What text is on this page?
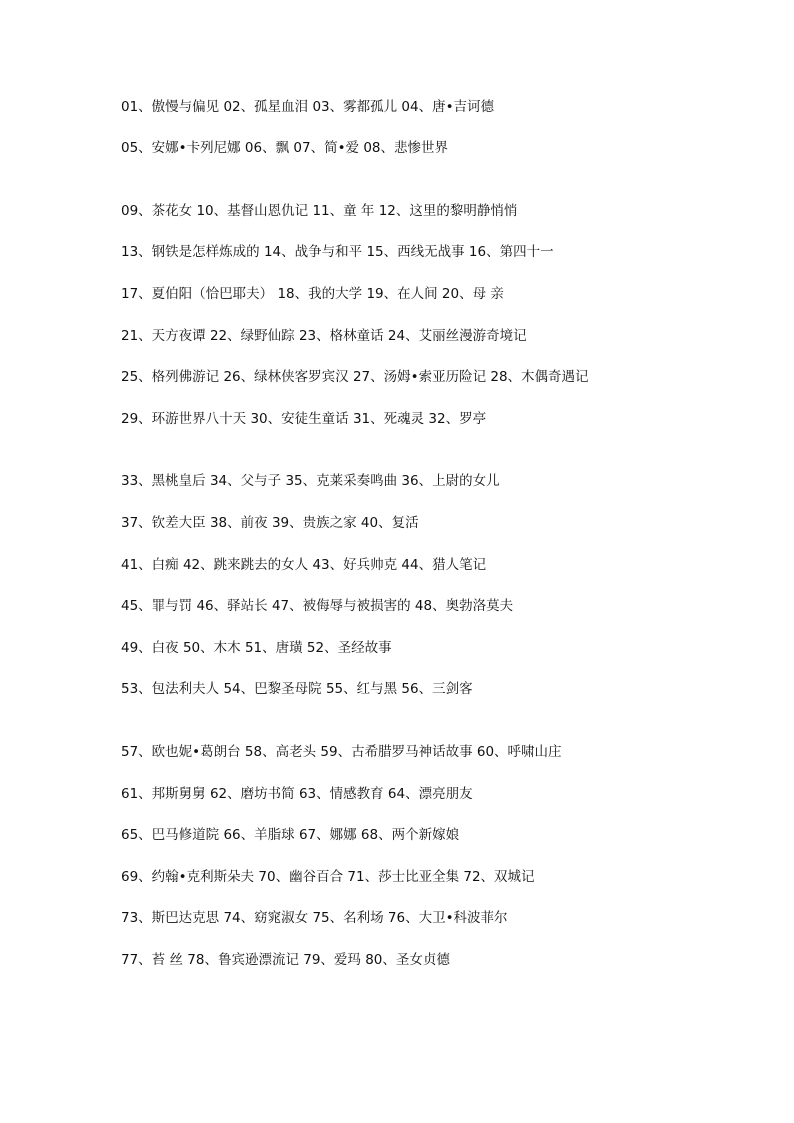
01、傲慢与偏见 02、孤星血泪 03、雾都孤儿 04、唐•吉诃德
05、安娜•卡列尼娜 06、飘 07、简•爱 08、悲惨世界
09、茶花女 10、基督山恩仇记 11、童 年 12、这里的黎明静悄悄
13、钢铁是怎样炼成的 14、战争与和平 15、西线无战事 16、第四十一
17、夏伯阳（恰巴耶夫） 18、我的大学 19、在人间 20、母 亲
21、天方夜谭 22、绿野仙踪 23、格林童话 24、艾丽丝漫游奇境记
25、格列佛游记 26、绿林侠客罗宾汉 27、汤姆•索亚历险记 28、木偶奇遇记
29、环游世界八十天 30、安徒生童话 31、死魂灵 32、罗亭
33、黑桃皇后 34、父与子 35、克莱采奏鸣曲 36、上尉的女儿
37、钦差大臣 38、前夜 39、贵族之家 40、复活
41、白痴 42、跳来跳去的女人 43、好兵帅克 44、猎人笔记
45、罪与罚 46、驿站长 47、被侮辱与被损害的 48、奥勃洛莫夫
49、白夜 50、木木 51、唐璜 52、圣经故事
53、包法利夫人 54、巴黎圣母院 55、红与黑 56、三剑客
57、欧也妮•葛朗台 58、高老头 59、古希腊罗马神话故事 60、呼啸山庄
61、邦斯舅舅 62、磨坊书简 63、情感教育 64、漂亮朋友
65、巴马修道院 66、羊脂球 67、娜娜 68、两个新嫁娘
69、约翰•克利斯朵夫 70、幽谷百合 71、莎士比亚全集 72、双城记
73、斯巴达克思 74、窈窕淑女 75、名利场 76、大卫•科波菲尔
77、苔 丝 78、鲁宾逊漂流记 79、爱玛 80、圣女贞德
